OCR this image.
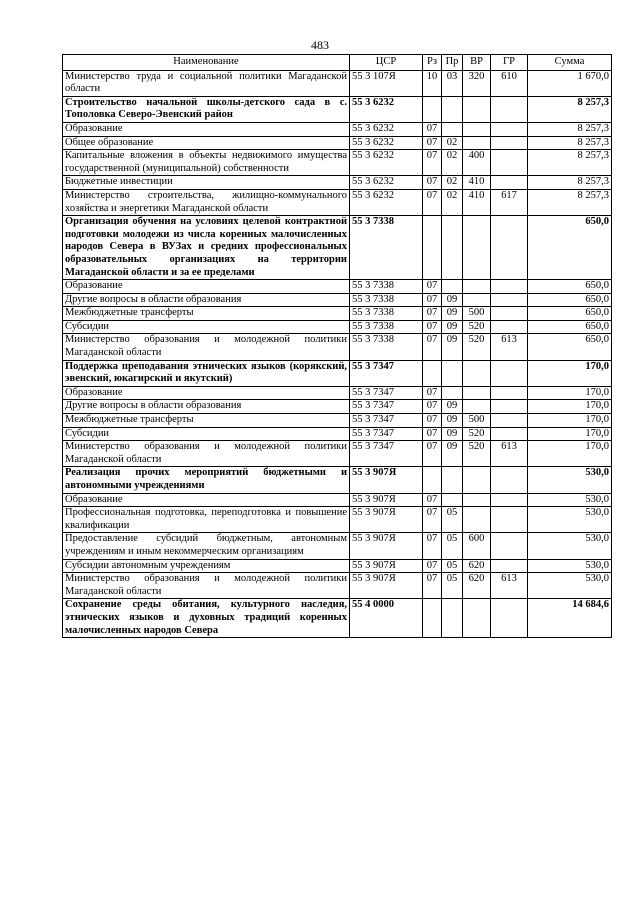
483
Наименование	ЦСР	Рз	Пр	ВР	ГР	Сумма
Министерство труда и социальной политики Магаданской области	55 3 107Я	10	03	320	610	1 670,0
Строительство начальной школы-детского сада в с. Тополовка Северо-Эвенский район	55 3 6232					8 257,3
Образование	55 3 6232	07				8 257,3
Общее образование	55 3 6232	07	02			8 257,3
Капитальные вложения в объекты недвижимого имущества государственной (муниципальной) собственности	55 3 6232	07	02	400		8 257,3
Бюджетные инвестиции	55 3 6232	07	02	410		8 257,3
Министерство строительства, жилищно-коммунального хозяйства и энергетики Магаданской области	55 3 6232	07	02	410	617	8 257,3
Организация обучения на условиях целевой контрактной подготовки молодежи из числа коренных малочисленных народов Севера в ВУЗах и средних профессиональных образовательных организациях на территории Магаданской области и за ее пределами	55 3 7338					650,0
Образование	55 3 7338	07				650,0
Другие вопросы в области образования	55 3 7338	07	09			650,0
Межбюджетные трансферты	55 3 7338	07	09	500		650,0
Субсидии	55 3 7338	07	09	520		650,0
Министерство образования и молодежной политики Магаданской области	55 3 7338	07	09	520	613	650,0
Поддержка преподавания этнических языков (корякский, эвенский, юкагирский и якутский)	55 3 7347					170,0
Образование	55 3 7347	07				170,0
Другие вопросы в области образования	55 3 7347	07	09			170,0
Межбюджетные трансферты	55 3 7347	07	09	500		170,0
Субсидии	55 3 7347	07	09	520		170,0
Министерство образования и молодежной политики Магаданской области	55 3 7347	07	09	520	613	170,0
Реализация прочих мероприятий бюджетными и автономными учреждениями	55 3 907Я					530,0
Образование	55 3 907Я	07				530,0
Профессиональная подготовка, переподготовка и повышение квалификации	55 3 907Я	07	05			530,0
Предоставление субсидий бюджетным, автономным учреждениям и иным некоммерческим организациям	55 3 907Я	07	05	600		530,0
Субсидии автономным учреждениям	55 3 907Я	07	05	620		530,0
Министерство образования и молодежной политики Магаданской области	55 3 907Я	07	05	620	613	530,0
Сохранение среды обитания, культурного наследия, этнических языков и духовных традиций коренных малочисленных народов Севера	55 4 0000					14 684,6
